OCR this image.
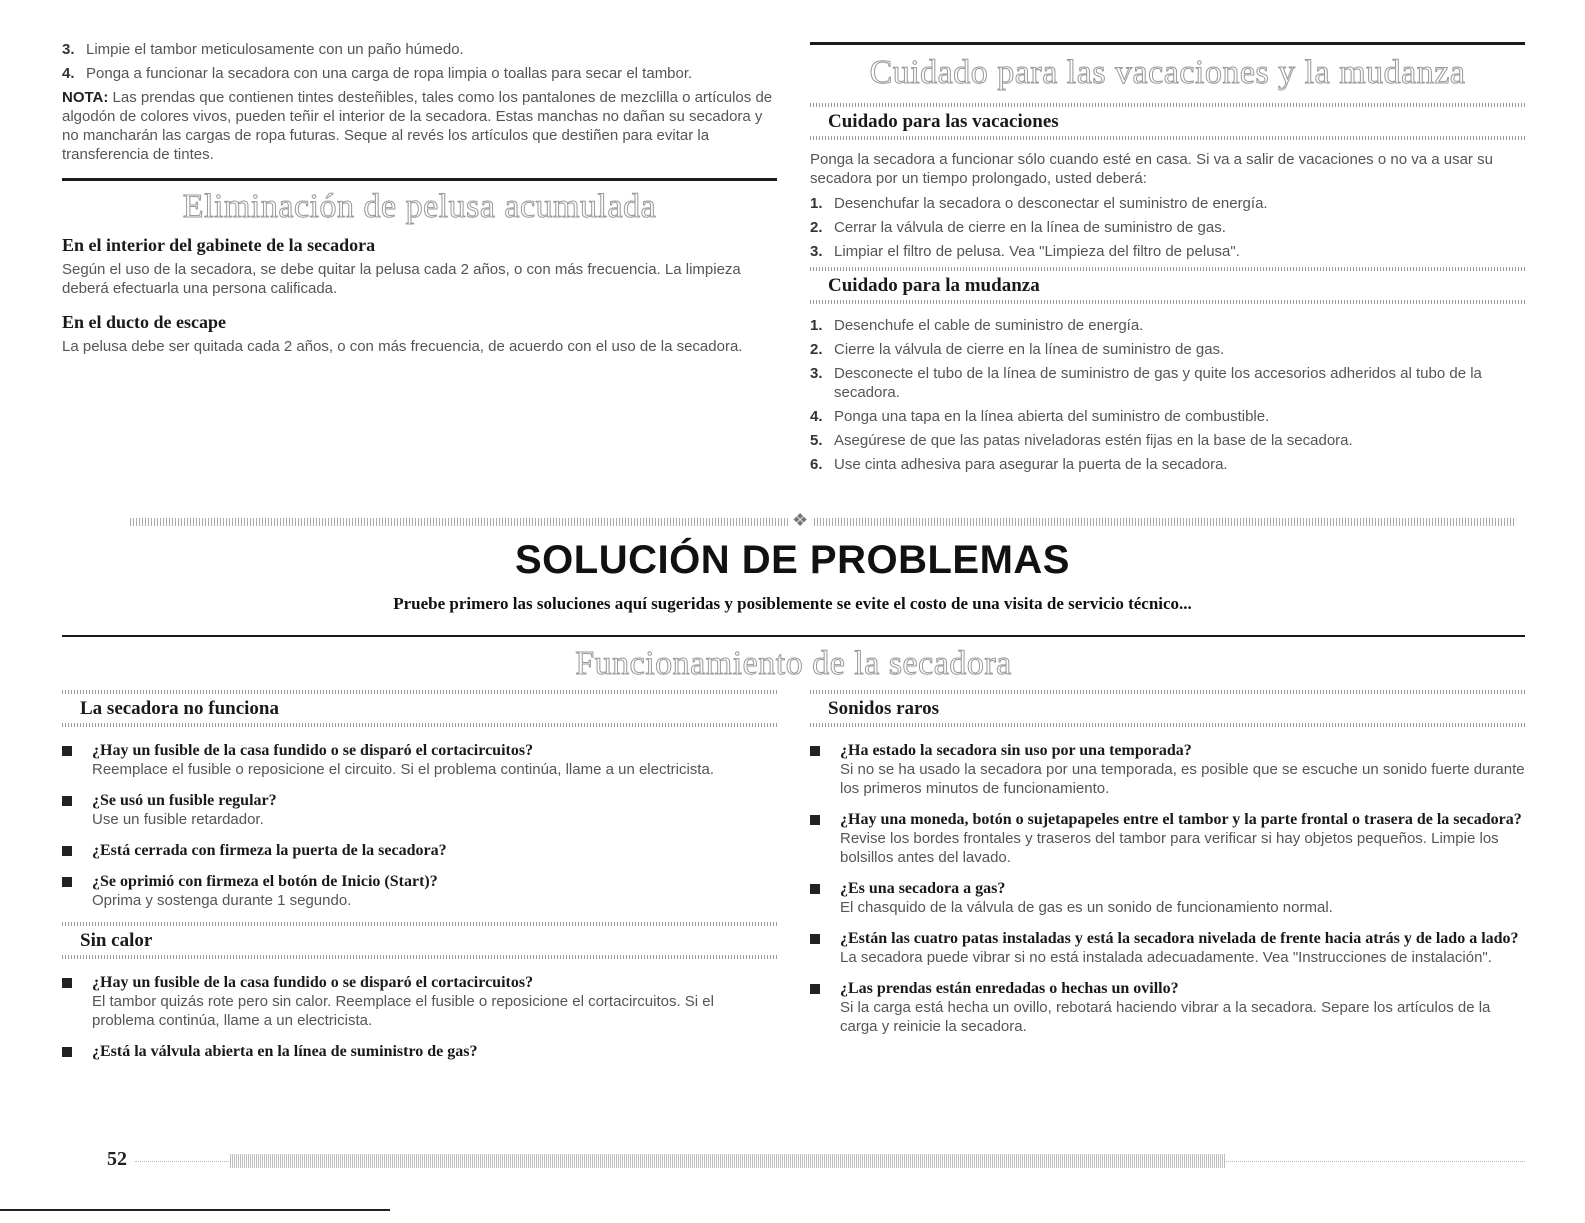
3. Limpie el tambor meticulosamente con un paño húmedo.
4. Ponga a funcionar la secadora con una carga de ropa limpia o toallas para secar el tambor.

NOTA: Las prendas que contienen tintes desteñibles, tales como los pantalones de mezclilla o artículos de algodón de colores vivos, pueden teñir el interior de la secadora. Estas manchas no dañan su secadora y no mancharán las cargas de ropa futuras. Seque al revés los artículos que destiñen para evitar la transferencia de tintes.

Eliminación de pelusa acumulada
En el interior del gabinete de la secadora

Según el uso de la secadora, se debe quitar la pelusa cada 2 años, o con más frecuencia. La limpieza deberá efectuarla una persona calificada.

En el ducto de escape

La pelusa debe ser quitada cada 2 años, o con más frecuencia, de acuerdo con el uso de la secadora.

Cuidado para las vacaciones y la mudanza
Cuidado para las vacaciones

Ponga la secadora a funcionar sólo cuando esté en casa. Si va a salir de vacaciones o no va a usar su secadora por un tiempo prolongado, usted deberá:

1. Desenchufar la secadora o desconectar el suministro de energía.
2. Cerrar la válvula de cierre en la línea de suministro de gas.
3. Limpiar el filtro de pelusa. Vea "Limpieza del filtro de pelusa".
Cuidado para la mudanza
1. Desenchufe el cable de suministro de energía.
2. Cierre la válvula de cierre en la línea de suministro de gas.
3. Desconecte el tubo de la línea de suministro de gas y quite los accesorios adheridos al tubo de la secadora.
4. Ponga una tapa en la línea abierta del suministro de combustible.
5. Asegúrese de que las patas niveladoras estén fijas en la base de la secadora.
6. Use cinta adhesiva para asegurar la puerta de la secadora.
❖
SOLUCIÓN DE PROBLEMAS
Pruebe primero las soluciones aquí sugeridas y posiblemente se evite el costo de una visita de servicio técnico...
Funcionamiento de la secadora
La secadora no funciona
¿Hay un fusible de la casa fundido o se disparó el cortacircuitos?
Reemplace el fusible o reposicione el circuito. Si el problema continúa, llame a un electricista.
¿Se usó un fusible regular?
Use un fusible retardador.
¿Está cerrada con firmeza la puerta de la secadora?
¿Se oprimió con firmeza el botón de Inicio (Start)?
Oprima y sostenga durante 1 segundo.
Sin calor
¿Hay un fusible de la casa fundido o se disparó el cortacircuitos?
El tambor quizás rote pero sin calor. Reemplace el fusible o reposicione el cortacircuitos. Si el problema continúa, llame a un electricista.
¿Está la válvula abierta en la línea de suministro de gas?
Sonidos raros
¿Ha estado la secadora sin uso por una temporada?
Si no se ha usado la secadora por una temporada, es posible que se escuche un sonido fuerte durante los primeros minutos de funcionamiento.
¿Hay una moneda, botón o sujetapapeles entre el tambor y la parte frontal o trasera de la secadora? Revise los bordes frontales y traseros del tambor para verificar si hay objetos pequeños. Limpie los bolsillos antes del lavado.
¿Es una secadora a gas?
El chasquido de la válvula de gas es un sonido de funcionamiento normal.
¿Están las cuatro patas instaladas y está la secadora nivelada de frente hacia atrás y de lado a lado?
La secadora puede vibrar si no está instalada adecuadamente. Vea "Instrucciones de instalación".
¿Las prendas están enredadas o hechas un ovillo?
Si la carga está hecha un ovillo, rebotará haciendo vibrar a la secadora. Separe los artículos de la carga y reinicie la secadora.
52
